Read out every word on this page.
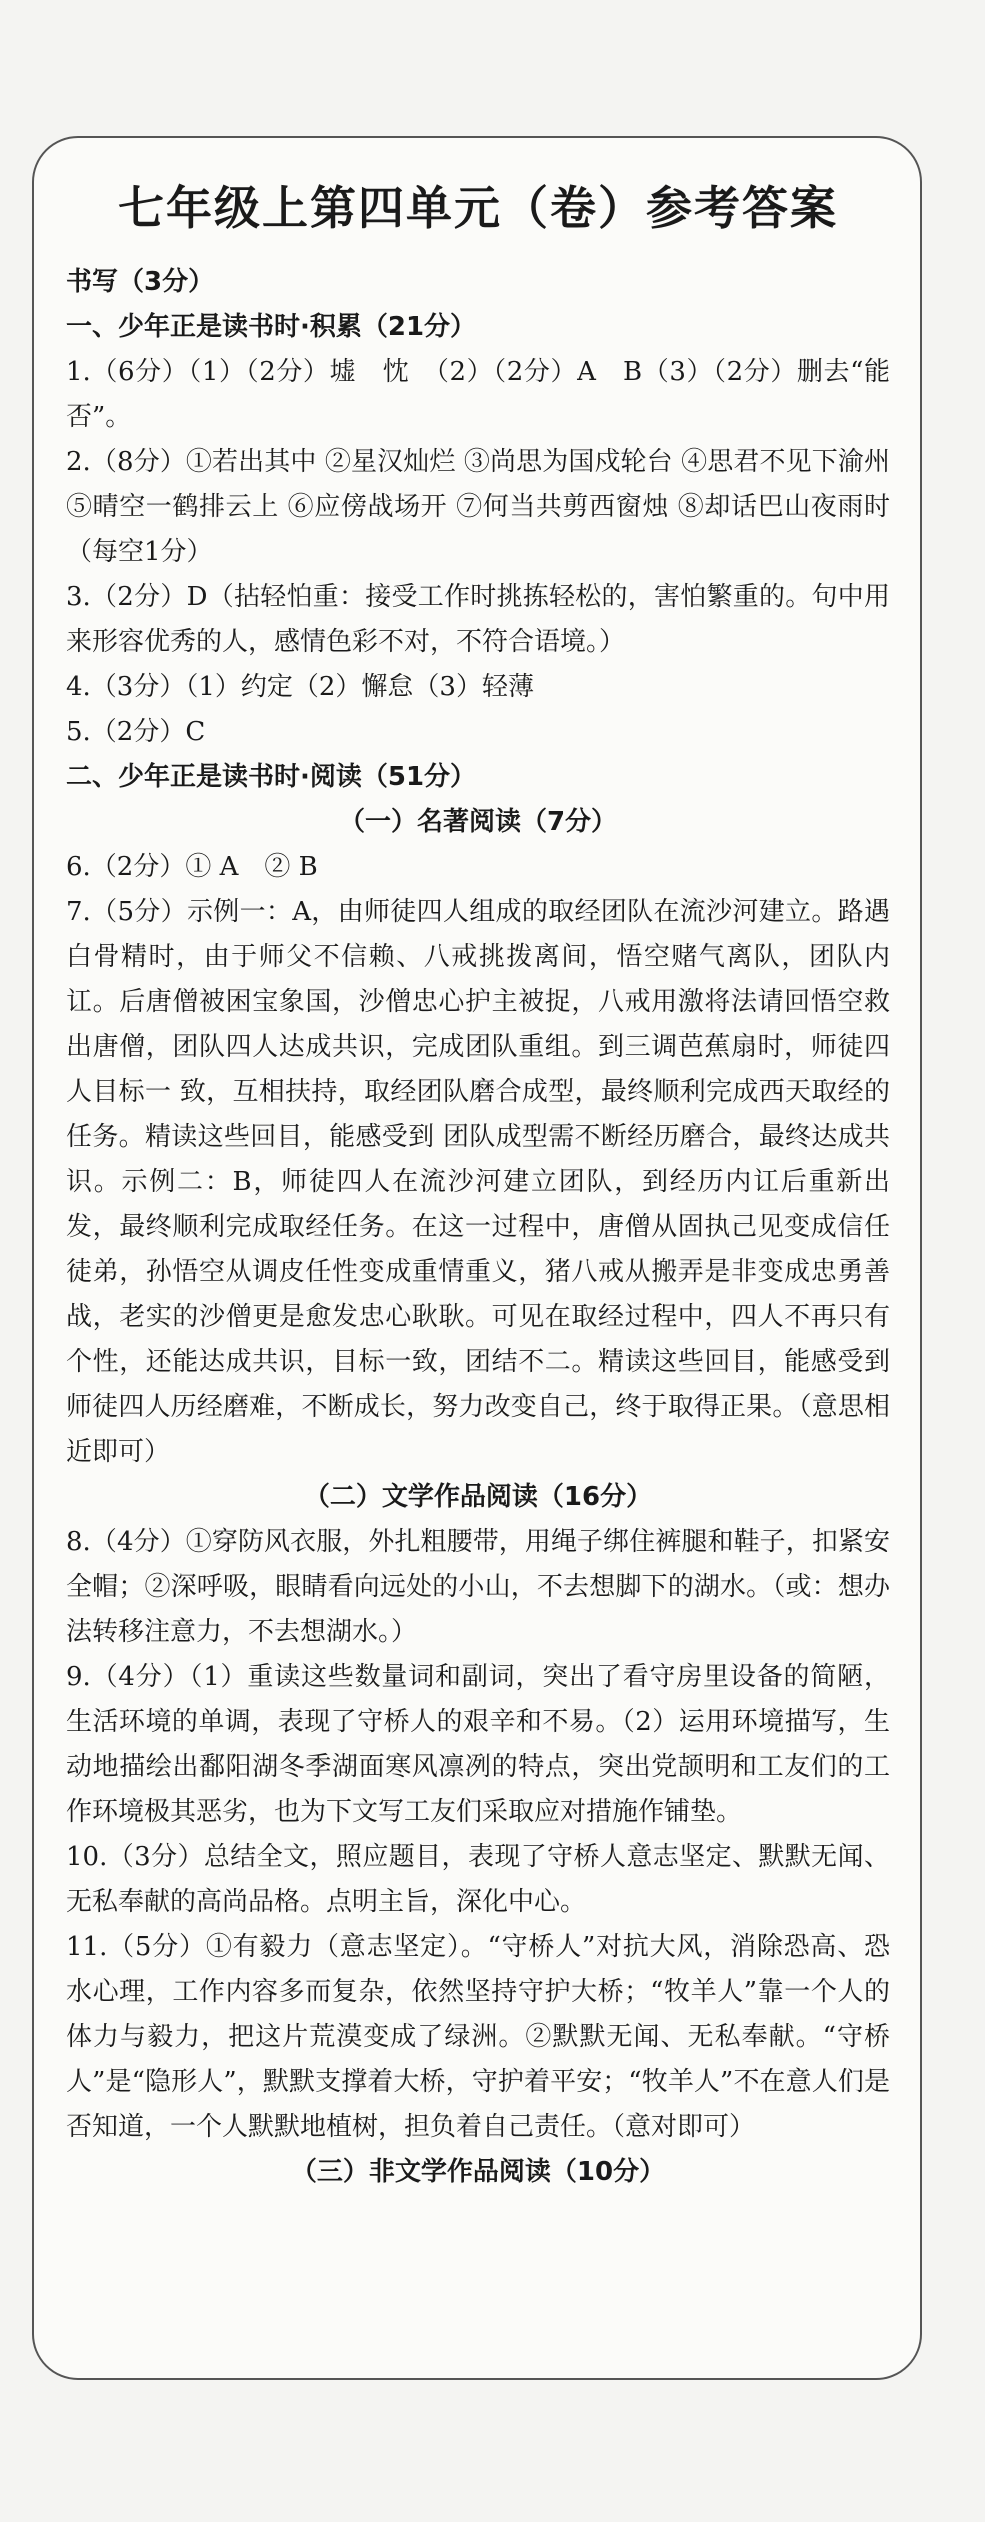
七年级上第四单元（卷）参考答案
书写（3分）
一、少年正是读书时·积累（21分）

1.（6分）（1）（2分）墟　忱　（2）（2分）A　B（3）（2分）删去“能否”。

2.（8分）①若出其中 ②星汉灿烂 ③尚思为国戍轮台 ④思君不见下渝州⑤晴空一鹤排云上 ⑥应傍战场开 ⑦何当共剪西窗烛 ⑧却话巴山夜雨时（每空1分）

3.（2分）D（拈轻怕重：接受工作时挑拣轻松的，害怕繁重的。句中用来形容优秀的人，感情色彩不对，不符合语境。）

4.（3分）（1）约定（2）懈怠（3）轻薄

5.（2分）C

二、少年正是读书时·阅读（51分）
（一）名著阅读（7分）

6.（2分）① A　② B

7.（5分）示例一：A，由师徒四人组成的取经团队在流沙河建立。路遇白骨精时，由于师父不信赖、八戒挑拨离间，悟空赌气离队，团队内讧。后唐僧被困宝象国，沙僧忠心护主被捉，八戒用激将法请回悟空救出唐僧，团队四人达成共识，完成团队重组。到三调芭蕉扇时，师徒四人目标一 致，互相扶持，取经团队磨合成型，最终顺利完成西天取经的任务。精读这些回目，能感受到 团队成型需不断经历磨合，最终达成共识。示例二：B，师徒四人在流沙河建立团队，到经历内讧后重新出发，最终顺利完成取经任务。在这一过程中，唐僧从固执己见变成信任徒弟，孙悟空从调皮任性变成重情重义，猪八戒从搬弄是非变成忠勇善战，老实的沙僧更是愈发忠心耿耿。可见在取经过程中，四人不再只有个性，还能达成共识，目标一致，团结不二。精读这些回目，能感受到师徒四人历经磨难，不断成长，努力改变自己，终于取得正果。（意思相近即可）

（二）文学作品阅读（16分）

8.（4分）①穿防风衣服，外扎粗腰带，用绳子绑住裤腿和鞋子，扣紧安全帽；②深呼吸，眼睛看向远处的小山，不去想脚下的湖水。（或：想办法转移注意力，不去想湖水。）

9.（4分）（1）重读这些数量词和副词，突出了看守房里设备的简陋，生活环境的单调，表现了守桥人的艰辛和不易。（2）运用环境描写，生动地描绘出鄱阳湖冬季湖面寒风凛冽的特点，突出党颉明和工友们的工作环境极其恶劣，也为下文写工友们采取应对措施作铺垫。

10.（3分）总结全文，照应题目，表现了守桥人意志坚定、默默无闻、无私奉献的高尚品格。点明主旨，深化中心。

11.（5分）①有毅力（意志坚定）。“守桥人”对抗大风，消除恐高、恐水心理，工作内容多而复杂，依然坚持守护大桥；“牧羊人”靠一个人的体力与毅力，把这片荒漠变成了绿洲。②默默无闻、无私奉献。“守桥人”是“隐形人”，默默支撑着大桥，守护着平安；“牧羊人”不在意人们是否知道，一个人默默地植树，担负着自己责任。（意对即可）

（三）非文学作品阅读（10分）
